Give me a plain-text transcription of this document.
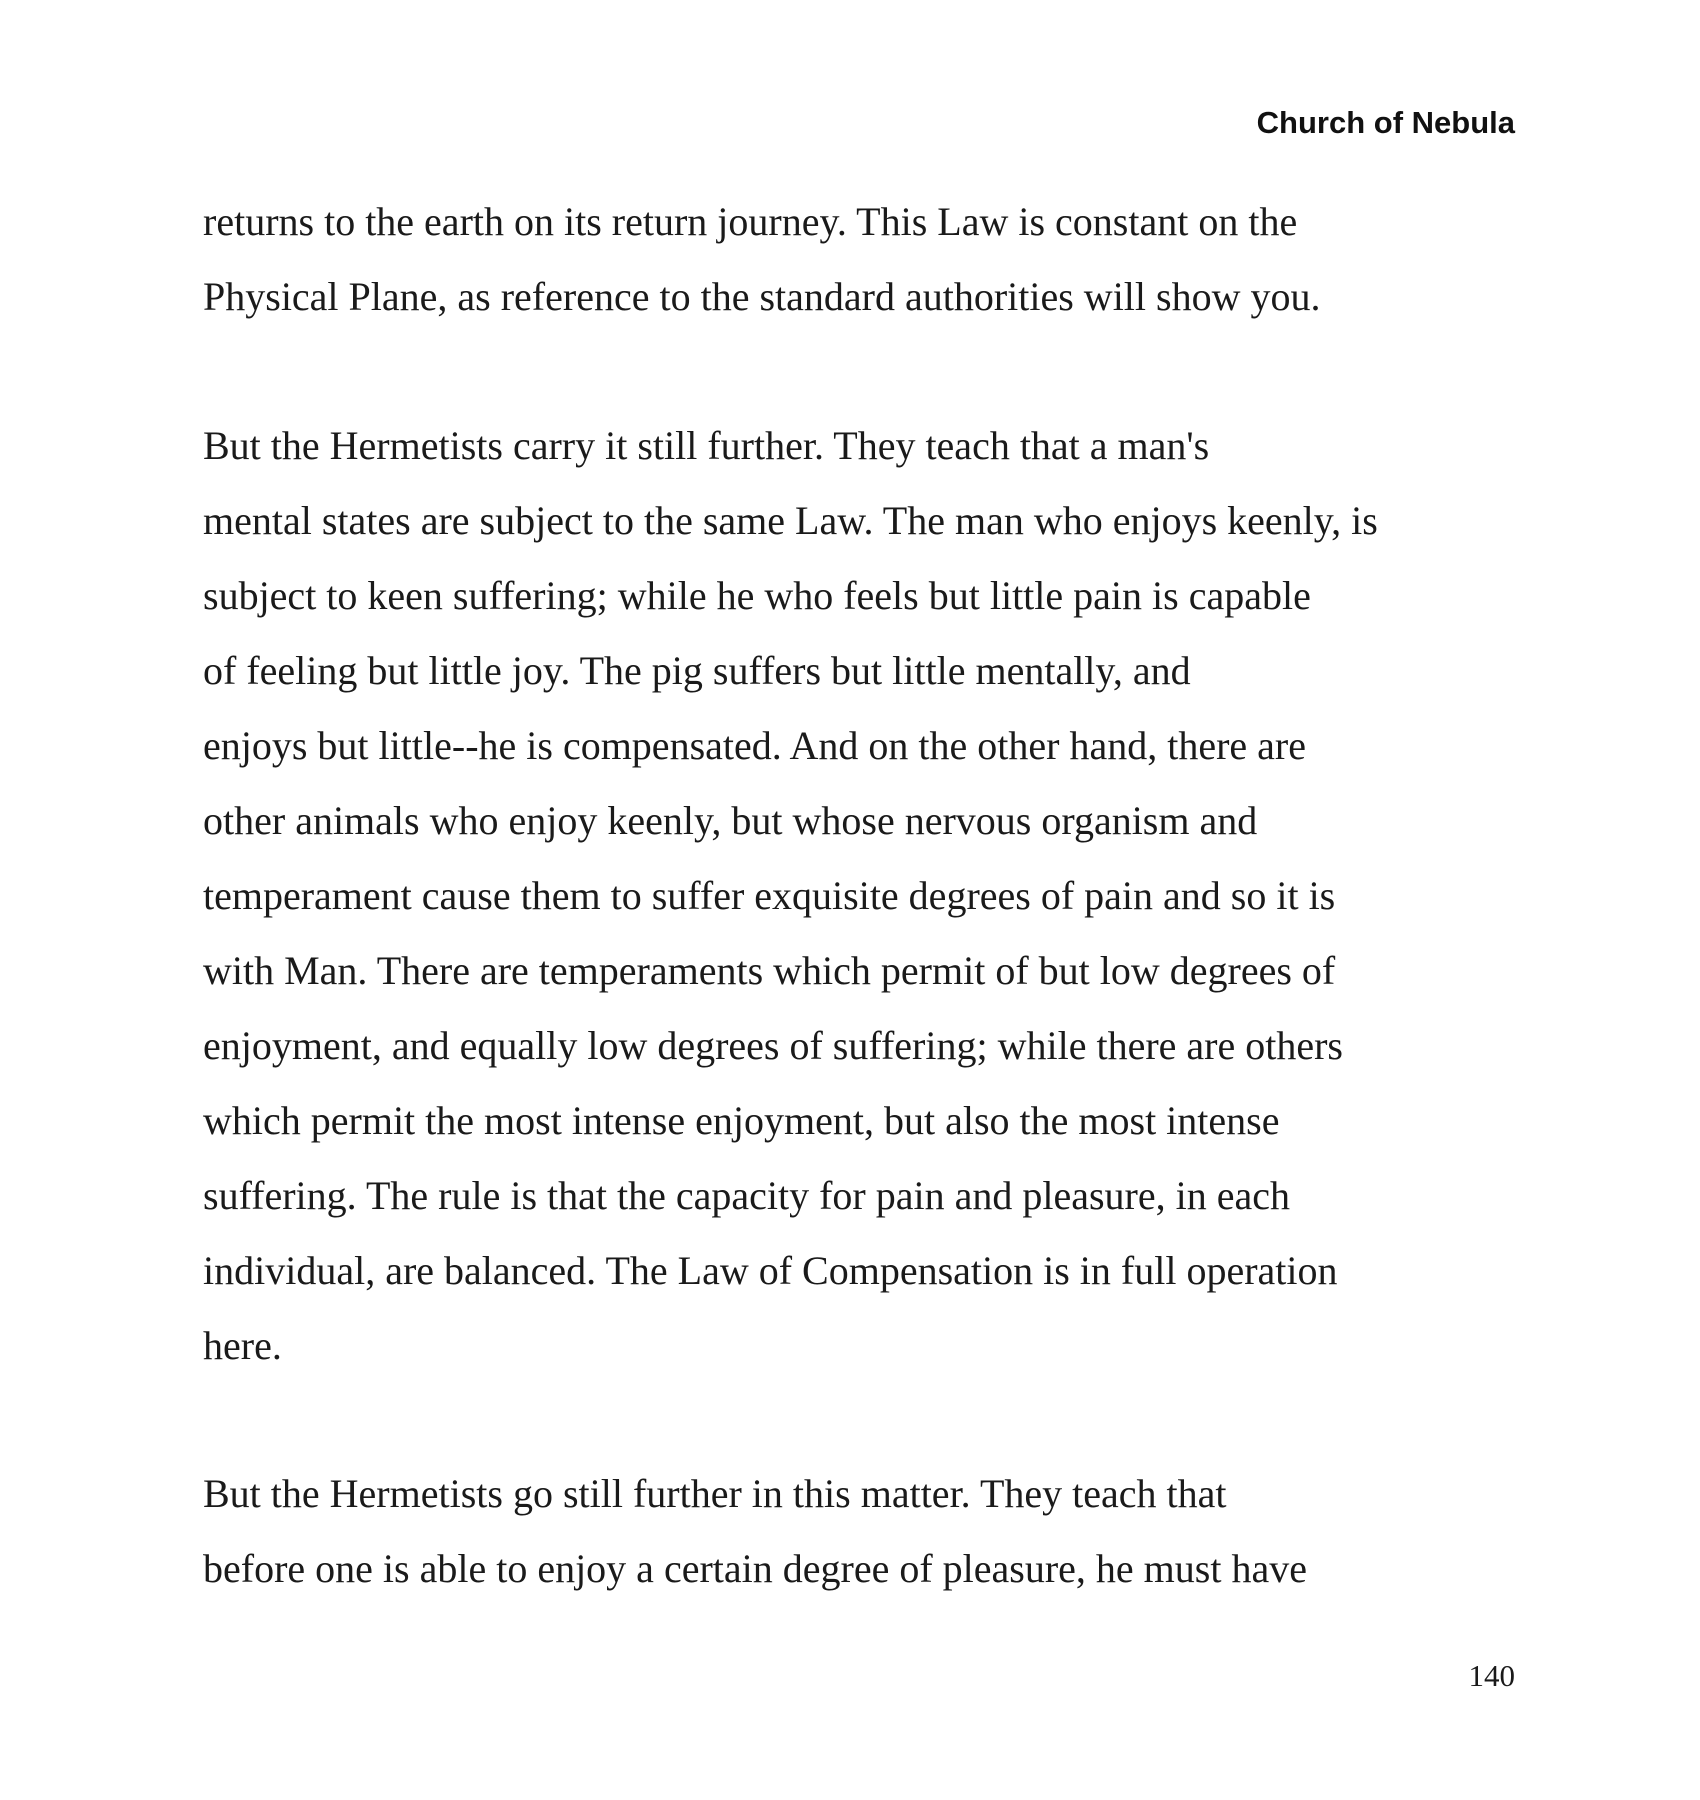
Church of Nebula

returns to the earth on its return journey. This Law is constant on the

Physical Plane, as reference to the standard authorities will show you.

But the Hermetists carry it still further. They teach that a man's

mental states are subject to the same Law. The man who enjoys keenly, is

subject to keen suffering; while he who feels but little pain is capable

of feeling but little joy. The pig suffers but little mentally, and

enjoys but little--he is compensated. And on the other hand, there are

other animals who enjoy keenly, but whose nervous organism and

temperament cause them to suffer exquisite degrees of pain and so it is

with Man. There are temperaments which permit of but low degrees of

enjoyment, and equally low degrees of suffering; while there are others

which permit the most intense enjoyment, but also the most intense

suffering. The rule is that the capacity for pain and pleasure, in each

individual, are balanced. The Law of Compensation is in full operation

here.

But the Hermetists go still further in this matter. They teach that

before one is able to enjoy a certain degree of pleasure, he must have

140
